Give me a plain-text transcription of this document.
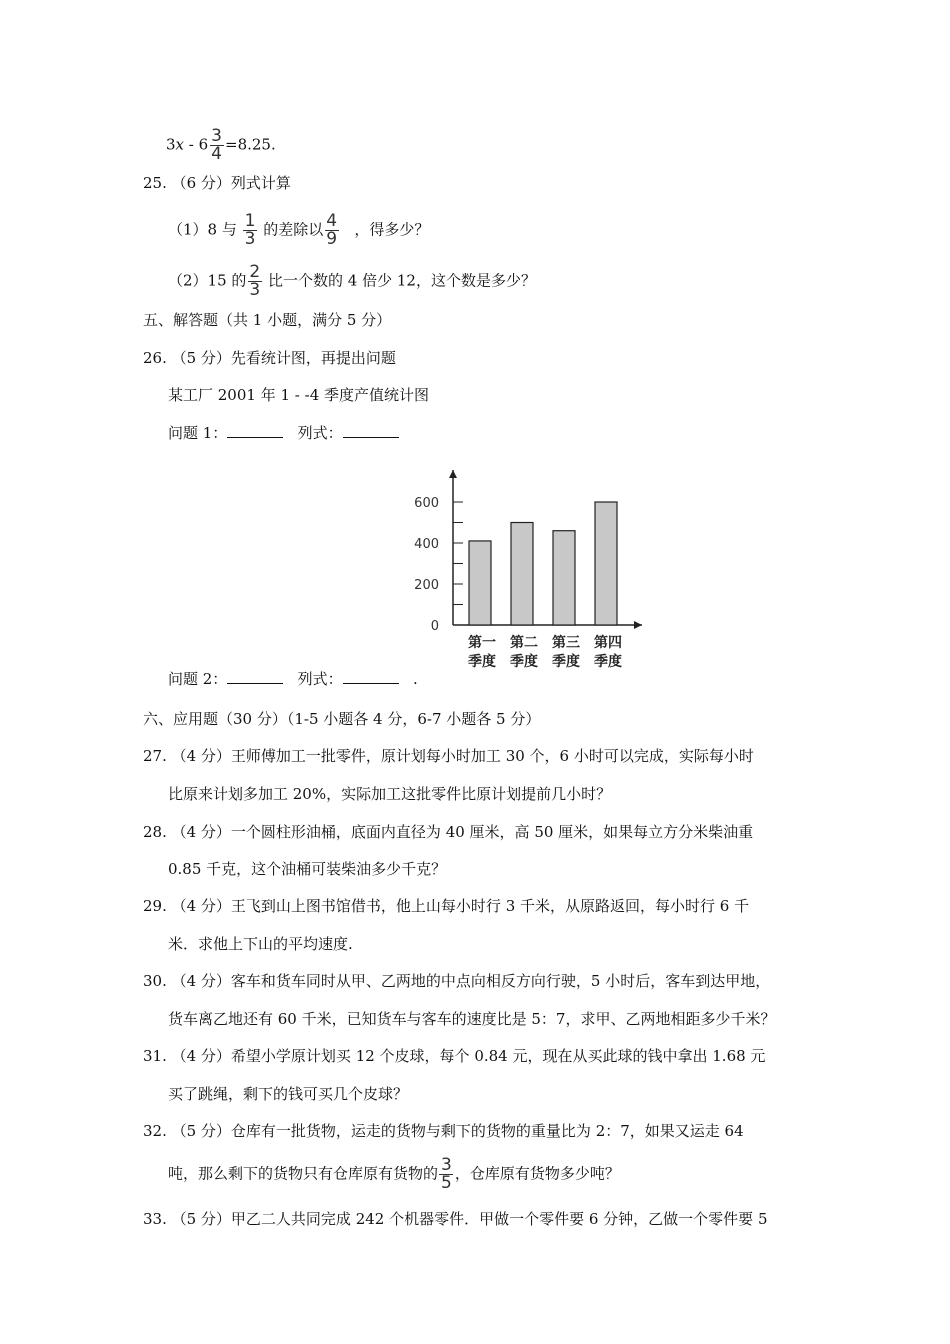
$3x - 6 \frac{3}{4} =8.25$.
25. （6 分）列式计算
（1）8 与 $\frac{1}{3}$ 的差除以 $\frac{4}{9}$ ，得多少？
（2）15 的 $\frac{2}{3}$ 比一个数的 4 倍少 12，这个数是多少？
五、解答题（共 1 小题，满分 5 分）
26. （5 分）先看统计图，再提出问题
某工厂 2001 年 1 - -4 季度产值统计图
问题 1：	列式：
0
200
400
600
第一
季度
第二
季度
第三
季度
第四
季度
问题 2：	列式：	.
六、应用题（30 分）（1-5 小题各 4 分，6-7 小题各 5 分）
27. （4 分）王师傅加工一批零件，原计划每小时加工 30 个，6 小时可以完成，实际每小时
比原来计划多加工 20%，实际加工这批零件比原计划提前几小时？
28. （4 分）一个圆柱形油桶，底面内直径为 40 厘米，高 50 厘米，如果每立方分米柴油重
0.85 千克，这个油桶可装柴油多少千克？
29. （4 分）王飞到山上图书馆借书，他上山每小时行 3 千米，从原路返回，每小时行 6 千
米．求他上下山的平均速度.
30. （4 分）客车和货车同时从甲、乙两地的中点向相反方向行驶，5 小时后，客车到达甲地，
货车离乙地还有 60 千米，已知货车与客车的速度比是 5：7，求甲、乙两地相距多少千米？
31. （4 分）希望小学原计划买 12 个皮球，每个 0.84 元，现在从买此球的钱中拿出 1.68 元
买了跳绳，剩下的钱可买几个皮球？
32. （5 分）仓库有一批货物，运走的货物与剩下的货物的重量比为 2：7，如果又运走 64
吨，那么剩下的货物只有仓库原有货物的 $\frac{3}{5}$ ，仓库原有货物多少吨？
33. （5 分）甲乙二人共同完成 242 个机器零件．甲做一个零件要 6 分钟，乙做一个零件要 5
